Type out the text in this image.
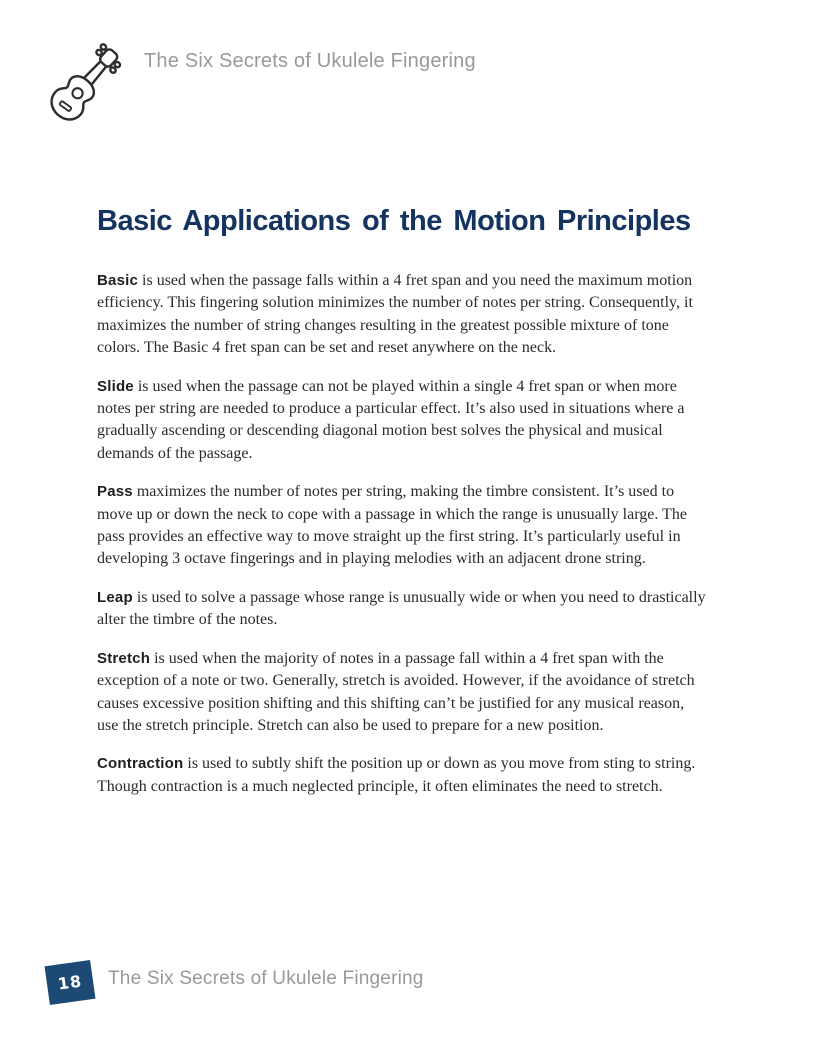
The Six Secrets of Ukulele Fingering
Basic Applications of the Motion Principles

Basic is used when the passage falls within a 4 fret span and you need the maximum motion efficiency. This fingering solution minimizes the number of notes per string. Consequently, it maximizes the number of string changes resulting in the greatest possible mixture of tone colors. The Basic 4 fret span can be set and reset anywhere on the neck.

Slide is used when the passage can not be played within a single 4 fret span or when more notes per string are needed to produce a particular effect. It’s also used in situations where a gradually ascending or descending diagonal motion best solves the physical and musical demands of the passage.

Pass maximizes the number of notes per string, making the timbre consistent. It’s used to move up or down the neck to cope with a passage in which the range is unusually large. The pass provides an effective way to move straight up the first string. It’s particularly useful in developing 3 octave fingerings and in playing melodies with an adjacent drone string.

Leap is used to solve a passage whose range is unusually wide or when you need to drastically alter the timbre of the notes.

Stretch is used when the majority of notes in a passage fall within a 4 fret span with the exception of a note or two. Generally, stretch is avoided. However, if the avoidance of stretch causes excessive position shifting and this shifting can’t be justified for any musical reason, use the stretch principle. Stretch can also be used to prepare for a new position.

Contraction is used to subtly shift the position up or down as you move from sting to string. Though contraction is a much neglected principle, it often eliminates the need to stretch.

18 The Six Secrets of Ukulele Fingering
